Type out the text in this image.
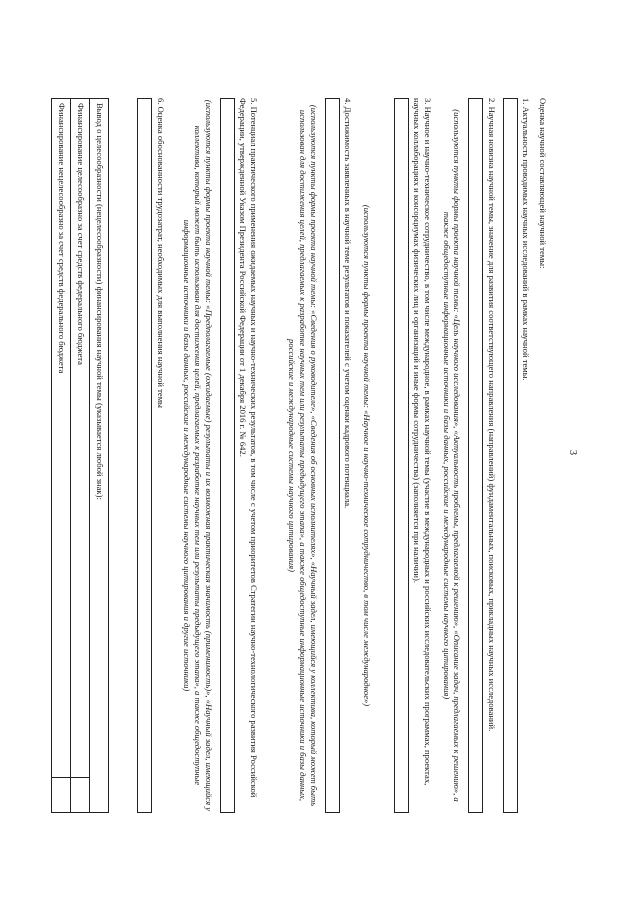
3
Оценка научной составляющей научной темы:
1. Актуальность проводимых научных исследований в рамках научной темы.
2. Научная новизна научной темы, значение для развития соответствующего направления (направлений) фундаментальных, поисковых, прикладных научных исследований.
(используются пункты формы проекта научной темы: «Цель научного исследования», «Актуальность проблемы, предлагаемой к решению», «Описание задач, предлагаемых к решению», а также общедоступные информационные источники и базы данных, российские и международные системы научного цитирования)
3. Научное и научно-техническое сотрудничество, в том числе международное, в рамках научной темы (участие в международных и российских исследовательских программах, проектах, научных коллаборациях и консорциумах физических лиц и организаций и иные формы сотрудничества) (заполняется при наличии).
(используются пункты формы проекта научной темы: «Научное и научно-техническое сотрудничество, в том числе международное»)
4. Достижимость заявленных в научной теме результатов и показателей с учетом оценки кадрового потенциала.
(используются пункты формы проекта научной темы: «Сведения о руководителе», «Сведения об основных исполнителях», «Научный задел, имеющийся у коллектива, который может быть использован для достижения целей, предлагаемых к разработке научных тем или результаты предыдущего этапа», а также общедоступные информационные источники и базы данных, российские и международные системы научного цитирования)
5. Потенциал практического применения ожидаемых научных и научно-технических результатов, в том числе с учетом приоритетов Стратегии научно-технологического развития Российской Федерации, утвержденной Указом Президента Российской Федерации от 1 декабря 2016 г. № 642.
(используются пункты формы проекта научной темы: «Предполагаемые (ожидаемые) результаты и их возможная практическая значимость (применимость)», «Научный задел, имеющийся у коллектива, который может быть использован для достижения целей, предлагаемых к разработке научных тем или результаты предыдущего этапа», а также общедоступные информационные источники и базы данных, российские и международные системы научного цитирования и другие источники)
6. Оценка обоснованности трудозатрат, необходимых для выполнения научной темы
Вывод о целесообразности (нецелесообразности) финансирования научной темы (указывается любой знак):	
Финансирование целесообразно за счет средств федерального бюджета	
Финансирование нецелесообразно за счет средств федерального бюджета	
